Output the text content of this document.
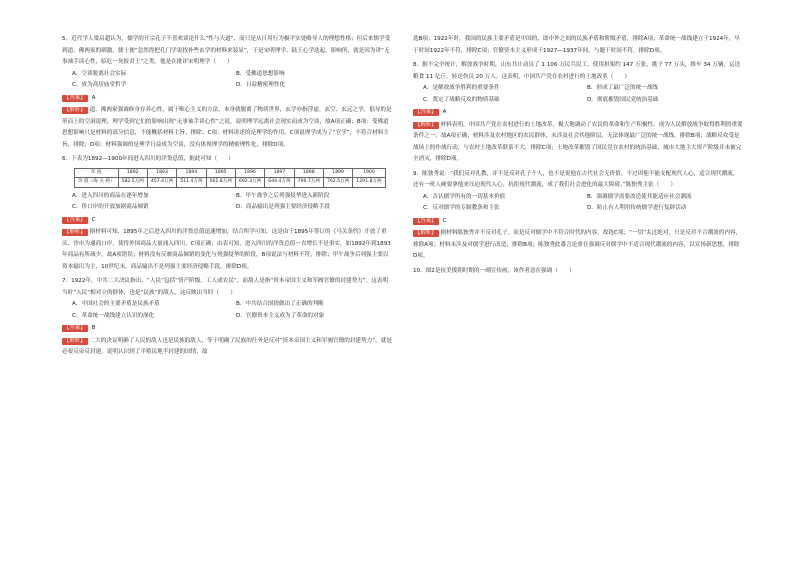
5．近代学人梁启超认为，儒学的开宗孔子不喜欢谈论什么“性与天道”，而只是从日用行为极平实处略导人的理想性格；但后来儒学受到道、佛两家的刺激，儒士便“忽然得把孔门学说找补些玄学的材料来装显”，于是宋明理学、陆王心学迭起，影响所，就是因为讲“无事袖手谈心性，临危一死报君王”之类。他是在批评宋明理学（　　）

A．空谈脱离社会实际	B．受佛道思想影响
C．成为高居庙堂哲学	D．日益精密理性化
【答案】	A

【解析】 道、佛两家强调修身存养心性，属于唯心主义的方法，本身就脱离了物质世界，玄学亦指浮虚、玄空、玄远之学，倡导的是形而上的空洞说理，理学受到它们的影响出现“无事袖手谈心性”之说，说明理学远离社会现实而成为空谈，故A项正确；B项：受佛道思想影响只是材料的部分信息，不能概括材料主旨，排除；C项：材料讲述的是理学的作用，C项说理学成为了“官学”，不符合材料主旨，排除；D项：材料强调的是理学日益成为空谈，没有体现理学的精密理性化，排除D项。

6．下表为1892—1900年间进入四川的洋货总值，据此可知（　　）

年 度	1892	1893	1894	1895	1896	1897	1898	1899	1900
价 值（海 关 两）	582.5万两	457.4万两	511.4万两	561.8万两	692.3万两	644.4万两	796.7万两	762.5万两	1291.8万两
A．进入四川的商品在逐年增加	B．甲午战争之后列强侵华进入新阶段
C．侨口岸的开放加剧商品倾销	D．商品输出是列强主要经济侵略手段
【答案】	C

【解析】 据材料可知，1895年之后进入四川的洋货总值迅速增加，结合所学可知，这是由于1895年签订的《马关条约》开放了重庆、沙市为通商口岸，使得外国商品大量涌入四川，C项正确；由表可知，进入四川的洋货总值一直增长不是事实，如1892年到1893年商品有所减少，故A项错误；材料没有反映商品倾销的变化与列强侵华的阶段，B项说法与材料不符，排除；甲午战争后列强主要以资本输出为主，10世纪末，商品输出不是列强主要经济侵略手段，排除D项。

7．1922年，中共二大决议指出，“人民”包括“资产阶级、工人或农民”，而敌人是指“资本帝国主义和军阀官僚的封建势力”。这表明当时“人民”相对立的群体，也是“民族”的敌人，这反映出当时（　　）

A．中国社会的主要矛盾是民族矛盾	B．中共结合国情做出了正确的判断
C．革命统一战线建立认识的深化	D．官僚资本主义成为了革命的对象
【答案】	B

【解析】 二大的决议明确了人民的敌人也是民族的敌人，等于明确了民族的任务是反对“资本帝国主义和军阀官僚的封建势力”，就是必要反帝反封建，说明认识到了半殖民地半封建的国情，故

选B项；1922年时，我国的民族主要矛盾是中国的，即中外之间的民族矛盾和阶级矛盾，排除A项；革命统一战线建立于1924年，早于时间1922年不符，排除C项；官僚资本主义形成于1927—1937年间，与题干时间不符，排除D项。

8．据不完全统计，解放战争时期，山东共计动员了 1 106 万民兵民工，使用担架约 147 万张，挑子 77 万头，推车 34 万辆，运送粮食 11 亿斤，转送伤员 20 万人。这表明，中国共产党在农村进行的土地改革（　　）

A．是解放战争胜利的重要条件	B．形成了最广泛的统一战线
C．奠定了战略反攻的物质基础	D．彻底摧毁国民党统治基础
【答案】	A

【解析】 材料表明，中国共产党在农村进行的土地改革，极大地调动了农民的革命和生产积极性，成为人民解放战争取得胜利的重要条件之一，故A项正确；材料涉及农村地区的农民群体，未涉及社会其他阶层，无法体现最广泛的统一战线，排除B项；战略反攻受是战场上的作战行动，与农村土地改革联系不大，排除C项；土地改革摧毁了国民党在农村的统治基础，城市大地主大资产阶级并未被完全消灭，排除D项。

9．陈独秀说：“我们反对孔教，并不是反对孔子个人，也不是说他在古代社会无价值。不过因他不能支配现代人心，适合现代潮流，还有一班人硬要拿他来压迫现代人心，抗拒现代潮流，成了我们社会进化的最大障碍。”陈独秀主张（　　）

A．否认儒学所有的一切基本价值	B．强调儒学需要改造使其能适应社会潮流
C．反对儒学的专制教条和主张	D．防止有人利用传统儒学进行复辟活动
【答案】	C

【解析】 据材料陈独秀并不反对孔子，而是反对儒学中不符合时代的内容，故选C项；“一切”太过绝对，只是反对不合潮流的内容，排除A项；材料未涉及对儒学进行改造，排除B项；陈独秀此番言论重在强调反对儒学中不适合现代潮流的内容，以宣扬新思想，排除D项。

10．图2是抗美援朝时期的一副宣传画，该作者意在强调（　　）
